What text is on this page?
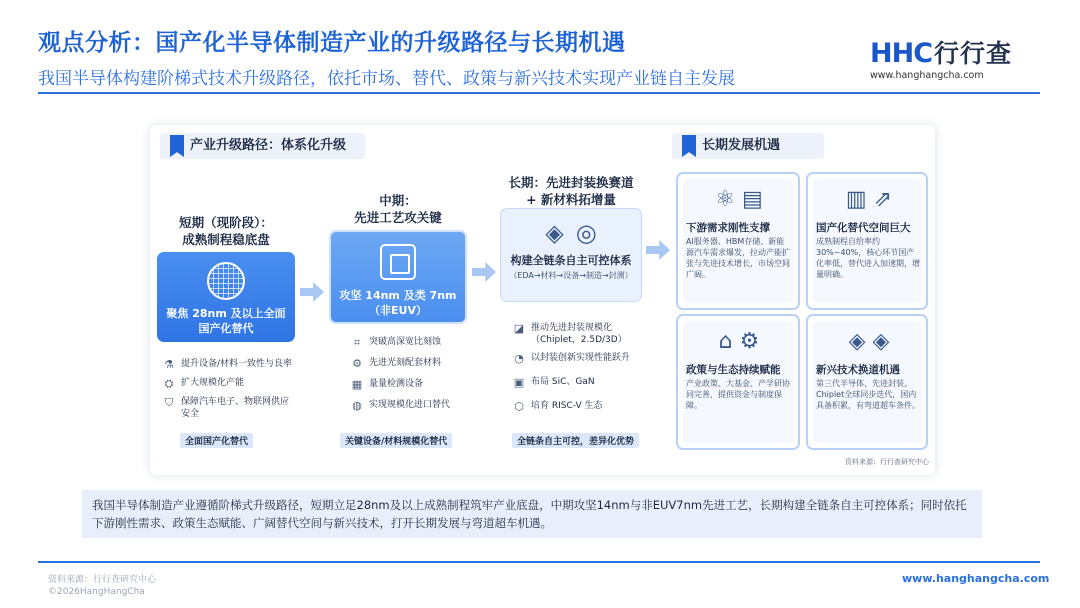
观点分析：国产化半导体制造产业的升级路径与长期机遇
我国半导体构建阶梯式技术升级路径，依托市场、替代、政策与新兴技术实现产业链自主发展
HHC行行查
www.hanghangcha.com
产业升级路径：体系化升级
短期（现阶段）：
成熟制程稳底盘
聚焦 28nm 及以上全面国产化替代
⚗ 提升设备/材料一致性与良率
⛭ 扩大规模化产能
⛉ 保障汽车电子、物联网供应安全
全面国产化替代
中期：
先进工艺攻关键
攻坚 14nm 及类 7nm
（非EUV）
⌗ 突破高深宽比刻蚀
⚙ 先进光刻配套材料
▦ 量量检测设备
◍ 实现规模化进口替代
关键设备/材料规模化替代
长期：先进封装换赛道
+ 新材料拓增量
◈ ◎
构建全链条自主可控体系
（EDA→材料→设备→制造→封测）
◪ 推动先进封装规模化（Chiplet，2.5D/3D）
◔ 以封装创新实现性能跃升
▣ 布局 SiC、GaN
⬡ 培育 RISC-V 生态
全链条自主可控，差异化优势
长期发展机遇
⚛ ▤
下游需求刚性支撑
AI服务器、HBM存储、新能源汽车需求爆发，拉动产能扩张与先进技术增长，市场空间广阔。
▥ ⇗
国产化替代空间巨大
成熟制程自给率约30%~40%，核心环节国产化率低，替代进入加速期，增量明确。
⌂ ⚙
政策与生态持续赋能
产业政策、大基金、产学研协同完善，提供资金与制度保障。
◈ ◈
新兴技术换道机遇
第三代半导体、先进封装、Chiplet全球同步迭代，国内具备积累，有弯道超车条件。
资料来源：行行查研究中心
我国半导体制造产业遵循阶梯式升级路径，短期立足28nm及以上成熟制程筑牢产业底盘，中期攻坚14nm与非EUV7nm先进工艺，长期构建全链条自主可控体系；同时依托下游刚性需求、政策生态赋能、广阔替代空间与新兴技术，打开长期发展与弯道超车机遇。
资料来源：行行查研究中心
©2026HangHangCha
www.hanghangcha.com
